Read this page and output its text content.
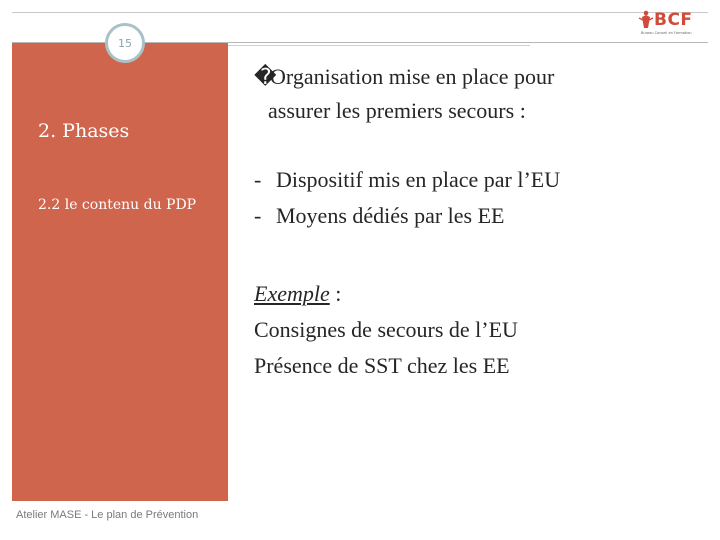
15
BCF
Bureau Conseil en Formation
2. Phases
2.2 le contenu du PDP
Atelier MASE - Le plan de Prévention

�Organisation mise en place pour
assurer les premiers secours :

- Dispositif mis en place par l’EU
- Moyens dédiés par les EE
Exemple :
Consignes de secours de l’EU
Présence de SST chez les EE
